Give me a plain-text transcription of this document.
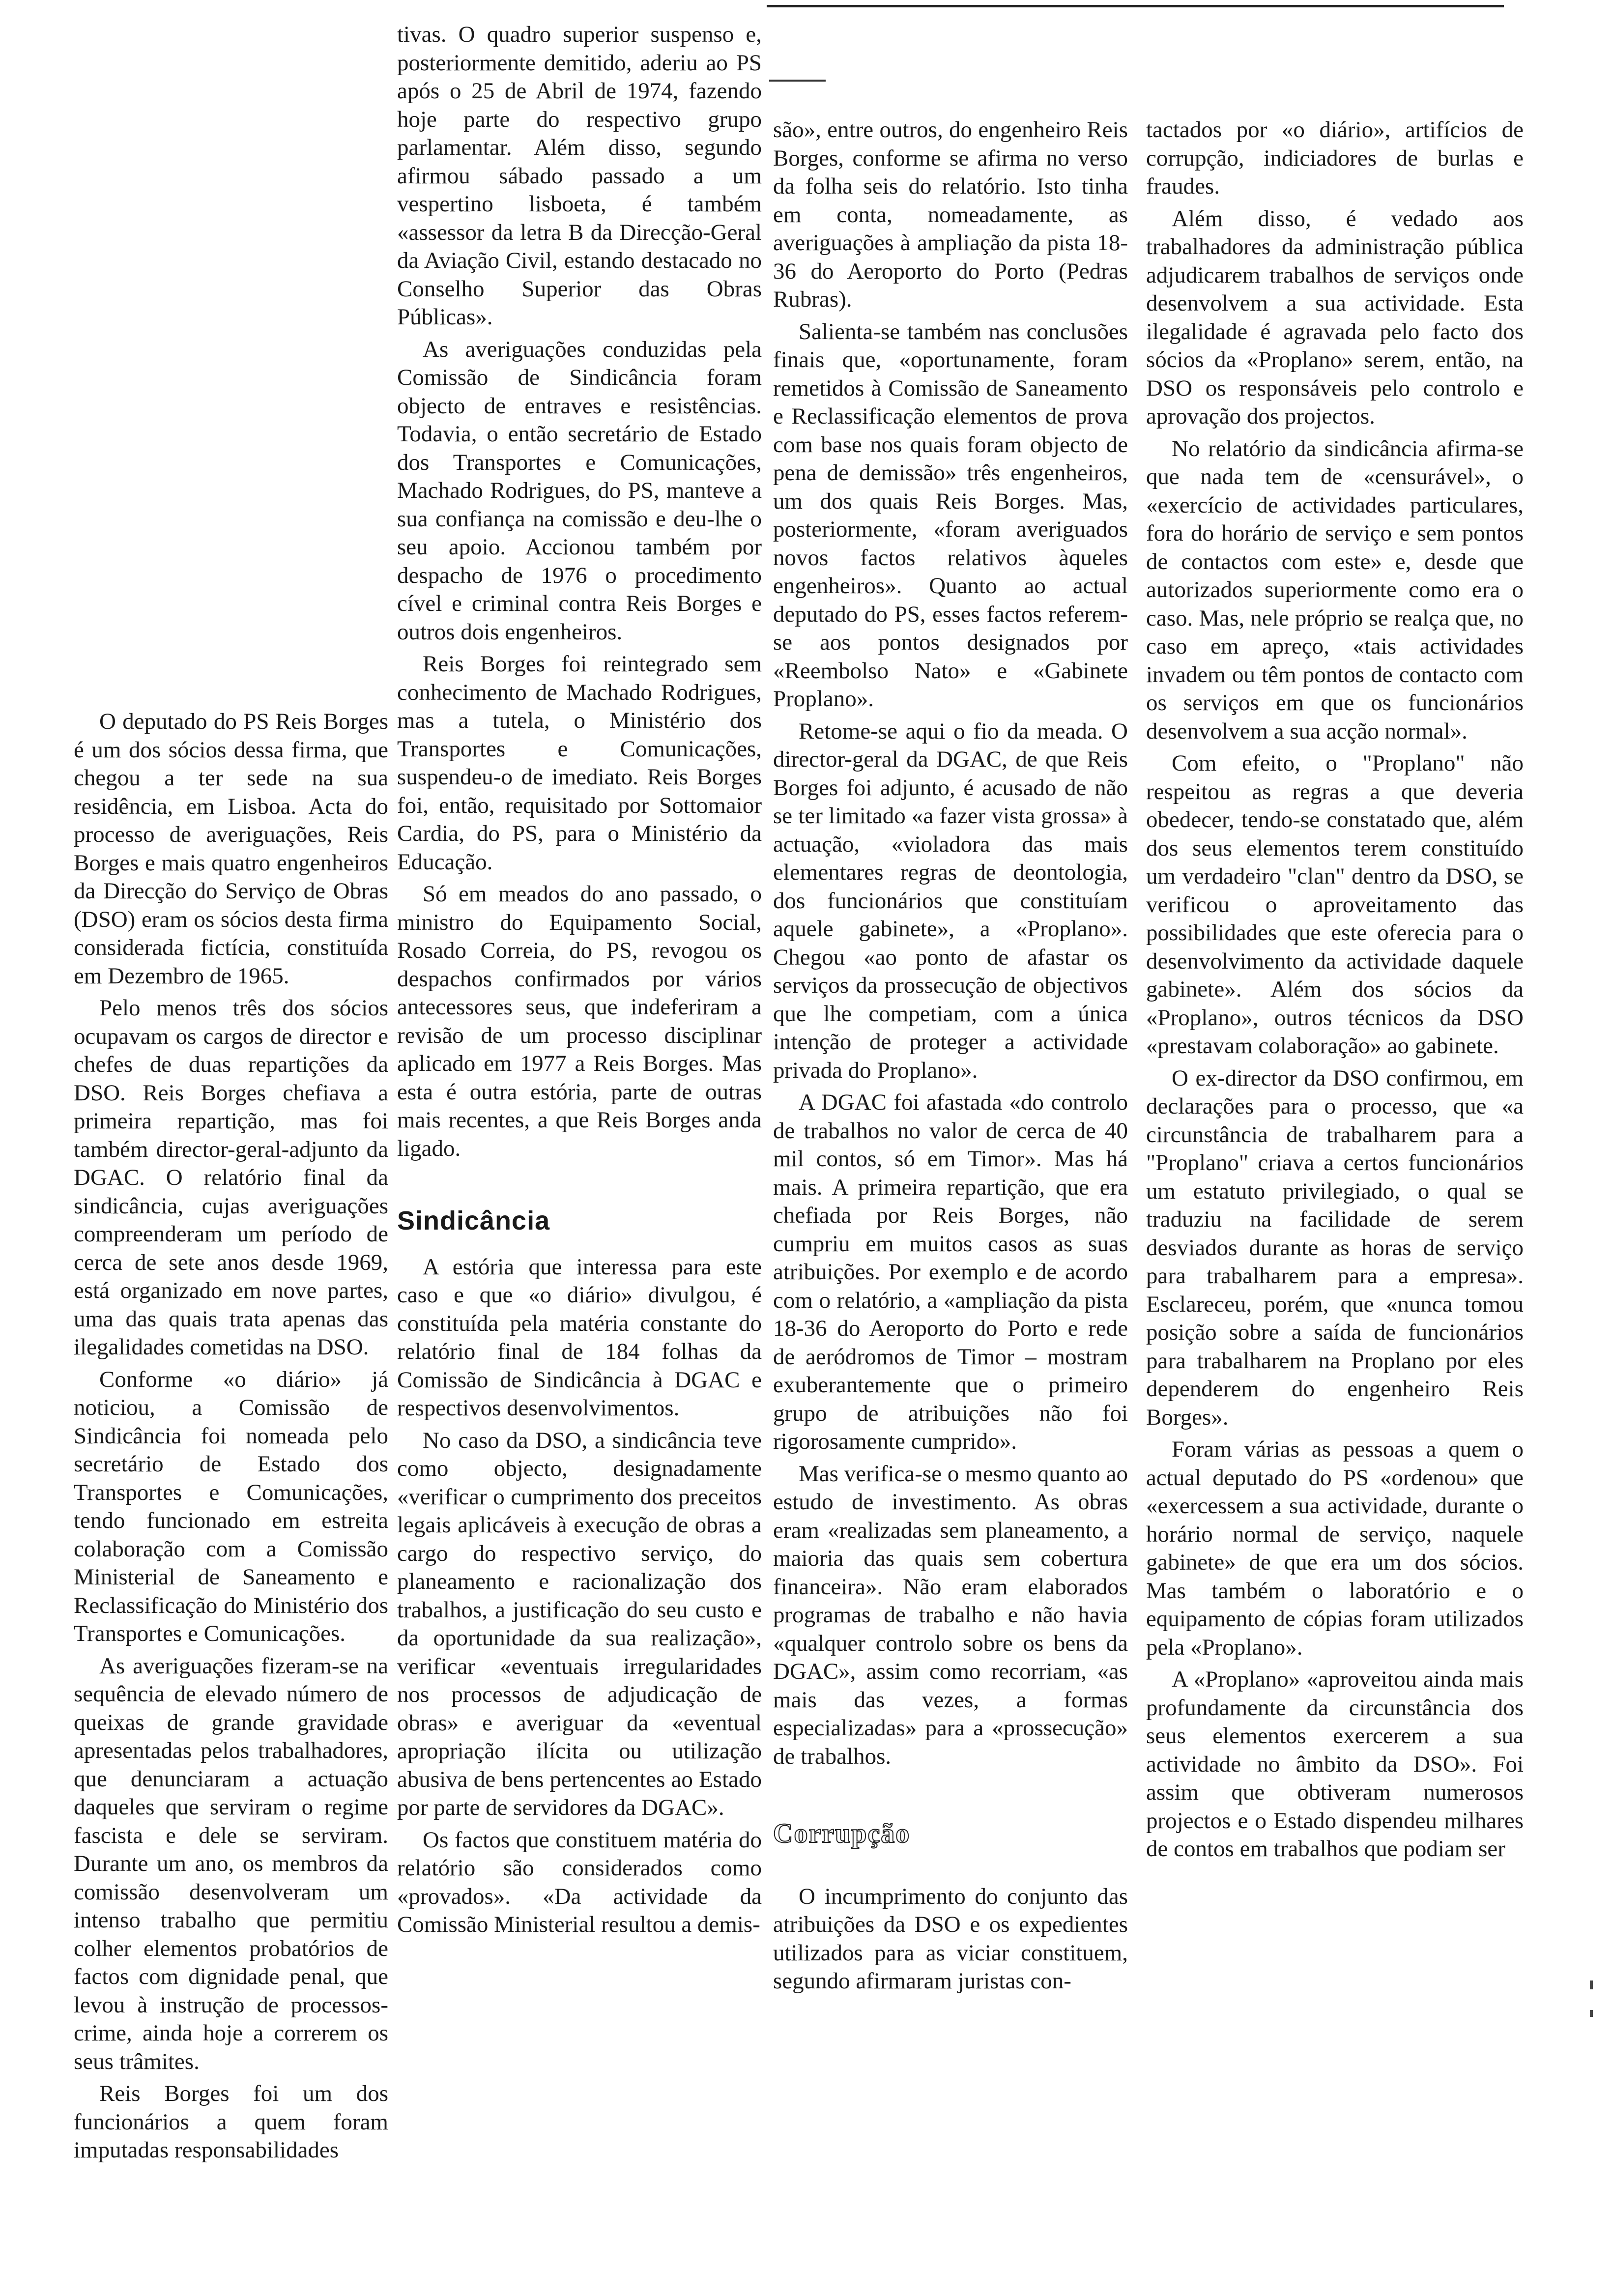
O deputado do PS Reis Borges é um dos sócios dessa firma, que chegou a ter sede na sua residência, em Lisboa. Acta do processo de averiguações, Reis Borges e mais quatro engenheiros da Direcção do Serviço de Obras (DSO) eram os sócios desta firma considerada fictícia, constituída em Dezembro de 1965.

Pelo menos três dos sócios ocupavam os cargos de director e chefes de duas repartições da DSO. Reis Borges chefiava a primeira repartição, mas foi também director-geral-adjunto da DGAC. O relatório final da sindicância, cujas averiguações compreenderam um período de cerca de sete anos desde 1969, está organizado em nove partes, uma das quais trata apenas das ilegalidades cometidas na DSO.

Conforme «o diário» já noticiou, a Comissão de Sindicância foi nomeada pelo secretário de Estado dos Transportes e Comunicações, tendo funcionado em estreita colaboração com a Comissão Ministerial de Saneamento e Reclassificação do Ministério dos Transportes e Comunicações.

As averiguações fizeram-se na sequência de elevado número de queixas de grande gravidade apresentadas pelos trabalhadores, que denunciaram a actuação daqueles que serviram o regime fascista e dele se serviram. Durante um ano, os membros da comissão desenvolveram um intenso trabalho que permitiu colher elementos probatórios de factos com dignidade penal, que levou à instrução de processos-crime, ainda hoje a correrem os seus trâmites.

Reis Borges foi um dos funcionários a quem foram imputadas responsabilidades

tivas. O quadro superior suspenso e, posteriormente demitido, aderiu ao PS após o 25 de Abril de 1974, fazendo hoje parte do respectivo grupo parlamentar. Além disso, segundo afirmou sábado passado a um vespertino lisboeta, é também «assessor da letra B da Direcção-Geral da Aviação Civil, estando destacado no Conselho Superior das Obras Públicas».

As averiguações conduzidas pela Comissão de Sindicância foram objecto de entraves e resistências. Todavia, o então secretário de Estado dos Transportes e Comunicações, Machado Rodrigues, do PS, manteve a sua confiança na comissão e deu-lhe o seu apoio. Accionou também por despacho de 1976 o procedimento cível e criminal contra Reis Borges e outros dois engenheiros.

Reis Borges foi reintegrado sem conhecimento de Machado Rodrigues, mas a tutela, o Ministério dos Transportes e Comunicações, suspendeu-o de imediato. Reis Borges foi, então, requisitado por Sottomaior Cardia, do PS, para o Ministério da Educação.

Só em meados do ano passado, o ministro do Equipamento Social, Rosado Correia, do PS, revogou os despachos confirmados por vários antecessores seus, que indeferiram a revisão de um processo disciplinar aplicado em 1977 a Reis Borges. Mas esta é outra estória, parte de outras mais recentes, a que Reis Borges anda ligado.

Sindicância

A estória que interessa para este caso e que «o diário» divulgou, é constituída pela matéria constante do relatório final de 184 folhas da Comissão de Sindicância à DGAC e respectivos desenvolvimentos.

No caso da DSO, a sindicância teve como objecto, designadamente «verificar o cumprimento dos preceitos legais aplicáveis à execução de obras a cargo do respectivo serviço, do planeamento e racionalização dos trabalhos, a justificação do seu custo e da oportunidade da sua realização», verificar «eventuais irregularidades nos processos de adjudicação de obras» e averiguar da «eventual apropriação ilícita ou utilização abusiva de bens pertencentes ao Estado por parte de servidores da DGAC».

Os factos que constituem matéria do relatório são considerados como «provados». «Da actividade da Comissão Ministerial resultou a demis-

são», entre outros, do engenheiro Reis Borges, conforme se afirma no verso da folha seis do relatório. Isto tinha em conta, nomeadamente, as averiguações à ampliação da pista 18-36 do Aeroporto do Porto (Pedras Rubras).

Salienta-se também nas conclusões finais que, «oportunamente, foram remetidos à Comissão de Saneamento e Reclassificação elementos de prova com base nos quais foram objecto de pena de demissão» três engenheiros, um dos quais Reis Borges. Mas, posteriormente, «foram averiguados novos factos relativos àqueles engenheiros». Quanto ao actual deputado do PS, esses factos referem-se aos pontos designados por «Reembolso Nato» e «Gabinete Proplano».

Retome-se aqui o fio da meada. O director-geral da DGAC, de que Reis Borges foi adjunto, é acusado de não se ter limitado «a fazer vista grossa» à actuação, «violadora das mais elementares regras de deontologia, dos funcionários que constituíam aquele gabinete», a «Proplano». Chegou «ao ponto de afastar os serviços da prossecução de objectivos que lhe competiam, com a única intenção de proteger a actividade privada do Proplano».

A DGAC foi afastada «do controlo de trabalhos no valor de cerca de 40 mil contos, só em Timor». Mas há mais. A primeira repartição, que era chefiada por Reis Borges, não cumpriu em muitos casos as suas atribuições. Por exemplo e de acordo com o relatório, a «ampliação da pista 18-36 do Aeroporto do Porto e rede de aeródromos de Timor – mostram exuberantemente que o primeiro grupo de atribuições não foi rigorosamente cumprido».

Mas verifica-se o mesmo quanto ao estudo de investimento. As obras eram «realizadas sem planeamento, a maioria das quais sem cobertura financeira». Não eram elaborados programas de trabalho e não havia «qualquer controlo sobre os bens da DGAC», assim como recorriam, «as mais das vezes, a formas especializadas» para a «prossecução» de trabalhos.

Corrupção

O incumprimento do conjunto das atribuições da DSO e os expedientes utilizados para as viciar constituem, segundo afirmaram juristas con-

tactados por «o diário», artifícios de corrupção, indiciadores de burlas e fraudes.

Além disso, é vedado aos trabalhadores da administração pública adjudicarem trabalhos de serviços onde desenvolvem a sua actividade. Esta ilegalidade é agravada pelo facto dos sócios da «Proplano» serem, então, na DSO os responsáveis pelo controlo e aprovação dos projectos.

No relatório da sindicância afirma-se que nada tem de «censurável», o «exercício de actividades particulares, fora do horário de serviço e sem pontos de contactos com este» e, desde que autorizados superiormente como era o caso. Mas, nele próprio se realça que, no caso em apreço, «tais actividades invadem ou têm pontos de contacto com os serviços em que os funcionários desenvolvem a sua acção normal».

Com efeito, o "Proplano" não respeitou as regras a que deveria obedecer, tendo-se constatado que, além dos seus elementos terem constituído um verdadeiro "clan" dentro da DSO, se verificou o aproveitamento das possibilidades que este oferecia para o desenvolvimento da actividade daquele gabinete». Além dos sócios da «Proplano», outros técnicos da DSO «prestavam colaboração» ao gabinete.

O ex-director da DSO confirmou, em declarações para o processo, que «a circunstância de trabalharem para a "Proplano" criava a certos funcionários um estatuto privilegiado, o qual se traduziu na facilidade de serem desviados durante as horas de serviço para trabalharem para a empresa». Esclareceu, porém, que «nunca tomou posição sobre a saída de funcionários para trabalharem na Proplano por eles dependerem do engenheiro Reis Borges».

Foram várias as pessoas a quem o actual deputado do PS «ordenou» que «exercessem a sua actividade, durante o horário normal de serviço, naquele gabinete» de que era um dos sócios. Mas também o laboratório e o equipamento de cópias foram utilizados pela «Proplano».

A «Proplano» «aproveitou ainda mais profundamente da circunstância dos seus elementos exercerem a sua actividade no âmbito da DSO». Foi assim que obtiveram numerosos projectos e o Estado dispendeu milhares de contos em trabalhos que podiam ser
